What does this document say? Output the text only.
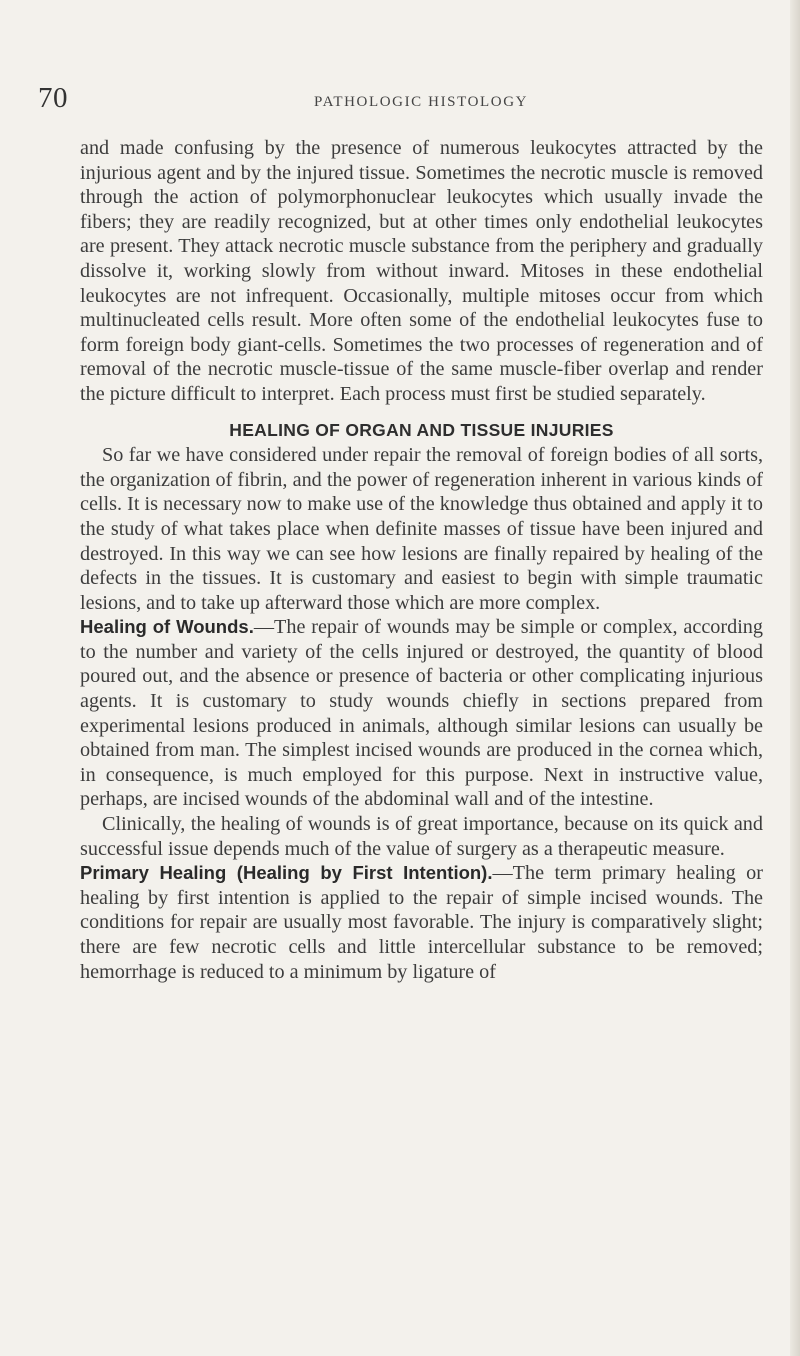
70	PATHOLOGIC HISTOLOGY

and made confusing by the presence of numerous leukocytes attracted by the injurious agent and by the injured tissue. Sometimes the necrotic muscle is removed through the action of polymorphonuclear leukocytes which usually invade the fibers; they are readily recognized, but at other times only endothelial leukocytes are present. They attack necrotic muscle substance from the periphery and gradually dissolve it, working slowly from without inward. Mitoses in these endothelial leukocytes are not infrequent. Occasionally, multiple mitoses occur from which multinucleated cells result. More often some of the endothelial leukocytes fuse to form foreign body giant-cells. Sometimes the two processes of regeneration and of removal of the necrotic muscle-tissue of the same muscle-fiber overlap and render the picture difficult to interpret. Each process must first be studied separately.

HEALING OF ORGAN AND TISSUE INJURIES

So far we have considered under repair the removal of foreign bodies of all sorts, the organization of fibrin, and the power of regeneration inherent in various kinds of cells. It is necessary now to make use of the knowledge thus obtained and apply it to the study of what takes place when definite masses of tissue have been injured and destroyed. In this way we can see how lesions are finally repaired by healing of the defects in the tissues. It is customary and easiest to begin with simple traumatic lesions, and to take up afterward those which are more complex.

Healing of Wounds.—The repair of wounds may be simple or complex, according to the number and variety of the cells injured or destroyed, the quantity of blood poured out, and the absence or presence of bacteria or other complicating injurious agents. It is customary to study wounds chiefly in sections prepared from experimental lesions produced in animals, although similar lesions can usually be obtained from man. The simplest incised wounds are produced in the cornea which, in consequence, is much employed for this purpose. Next in instructive value, perhaps, are incised wounds of the abdominal wall and of the intestine.

Clinically, the healing of wounds is of great importance, because on its quick and successful issue depends much of the value of surgery as a therapeutic measure.

Primary Healing (Healing by First Intention).—The term primary healing or healing by first intention is applied to the repair of simple incised wounds. The conditions for repair are usually most favorable. The injury is comparatively slight; there are few necrotic cells and little intercellular substance to be removed; hemorrhage is reduced to a minimum by ligature of
